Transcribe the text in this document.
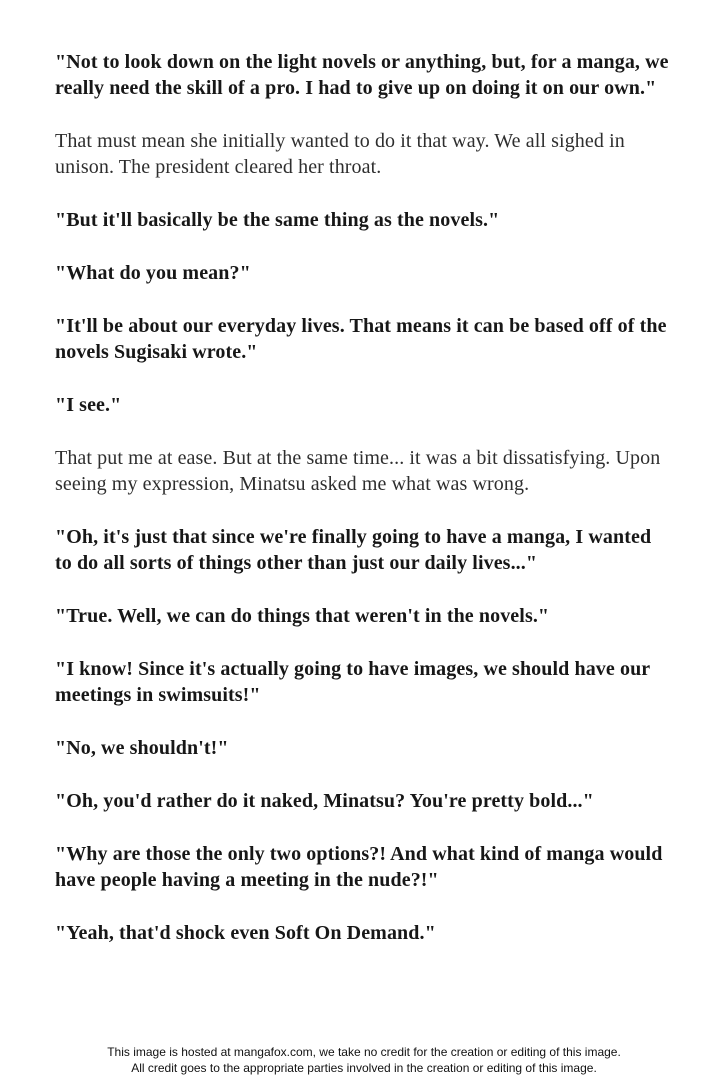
"Not to look down on the light novels or anything, but, for a manga, we really need the skill of a pro. I had to give up on doing it on our own."

That must mean she initially wanted to do it that way. We all sighed in unison. The president cleared her throat.

"But it'll basically be the same thing as the novels."

"What do you mean?"

"It'll be about our everyday lives. That means it can be based off of the novels Sugisaki wrote."

"I see."

That put me at ease. But at the same time... it was a bit dissatisfying. Upon seeing my expression, Minatsu asked me what was wrong.

"Oh, it's just that since we're finally going to have a manga, I wanted to do all sorts of things other than just our daily lives..."

"True. Well, we can do things that weren't in the novels."

"I know! Since it's actually going to have images, we should have our meetings in swimsuits!"

"No, we shouldn't!"

"Oh, you'd rather do it naked, Minatsu? You're pretty bold..."

"Why are those the only two options?! And what kind of manga would have people having a meeting in the nude?!"

"Yeah, that'd shock even Soft On Demand."

This image is hosted at mangafox.com, we take no credit for the creation or editing of this image.
All credit goes to the appropriate parties involved in the creation or editing of this image.
